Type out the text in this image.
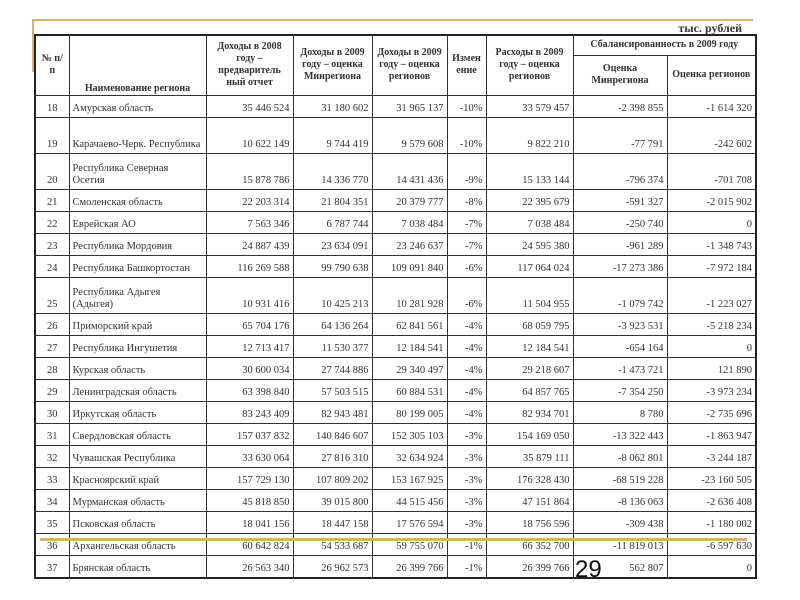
тыс. рублей
№ п/п	Наименование региона	Доходы в 2008 году – предваритель ный отчет	Доходы в 2009 году – оценка Минрегиона	Доходы в 2009 году – оценка регионов	Измен ение	Расходы в 2009 году – оценка регионов	Сбалансированность в 2009 году	
							Оценка Минрегиона	Оценка регионов
18	Амурская область	35 446 524	31 180 602	31 965 137	-10%	33 579 457	-2 398 855	-1 614 320
19	Карачаево-Черк. Республика	10 622 149	9 744 419	9 579 608	-10%	9 822 210	-77 791	-242 602
20	Республика Северная Осетия	15 878 786	14 336 770	14 431 436	-9%	15 133 144	-796 374	-701 708
21	Смоленская область	22 203 314	21 804 351	20 379 777	-8%	22 395 679	-591 327	-2 015 902
22	Еврейская АО	7 563 346	6 787 744	7 038 484	-7%	7 038 484	-250 740	0
23	Республика Мордовия	24 887 439	23 634 091	23 246 637	-7%	24 595 380	-961 289	-1 348 743
24	Республика Башкортостан	116 269 588	99 790 638	109 091 840	-6%	117 064 024	-17 273 386	-7 972 184
25	Республика Адыгея (Адыгея)	10 931 416	10 425 213	10 281 928	-6%	11 504 955	-1 079 742	-1 223 027
26	Приморский край	65 704 176	64 136 264	62 841 561	-4%	68 059 795	-3 923 531	-5 218 234
27	Республика Ингушетия	12 713 417	11 530 377	12 184 541	-4%	12 184 541	-654 164	0
28	Курская область	30 600 034	27 744 886	29 340 497	-4%	29 218 607	-1 473 721	121 890
29	Ленинградская область	63 398 840	57 503 515	60 884 531	-4%	64 857 765	-7 354 250	-3 973 234
30	Иркутская область	83 243 409	82 943 481	80 199 005	-4%	82 934 701	8 780	-2 735 696
31	Свердловская область	157 037 832	140 846 607	152 305 103	-3%	154 169 050	-13 322 443	-1 863 947
32	Чувашская Республика	33 630 064	27 816 310	32 634 924	-3%	35 879 111	-8 062 801	-3 244 187
33	Красноярский край	157 729 130	107 809 202	153 167 925	-3%	176 328 430	-68 519 228	-23 160 505
34	Мурманская область	45 818 850	39 015 800	44 515 456	-3%	47 151 864	-8 136 063	-2 636 408
35	Псковская область	18 041 156	18 447 158	17 576 594	-3%	18 756 596	-309 438	-1 180 002
36	Архангельская область	60 642 824	54 533 687	59 755 070	-1%	66 352 700	-11 819 013	-6 597 630
37	Брянская область	26 563 340	26 962 573	26 399 766	-1%	26 399 766	562 807	0
29
